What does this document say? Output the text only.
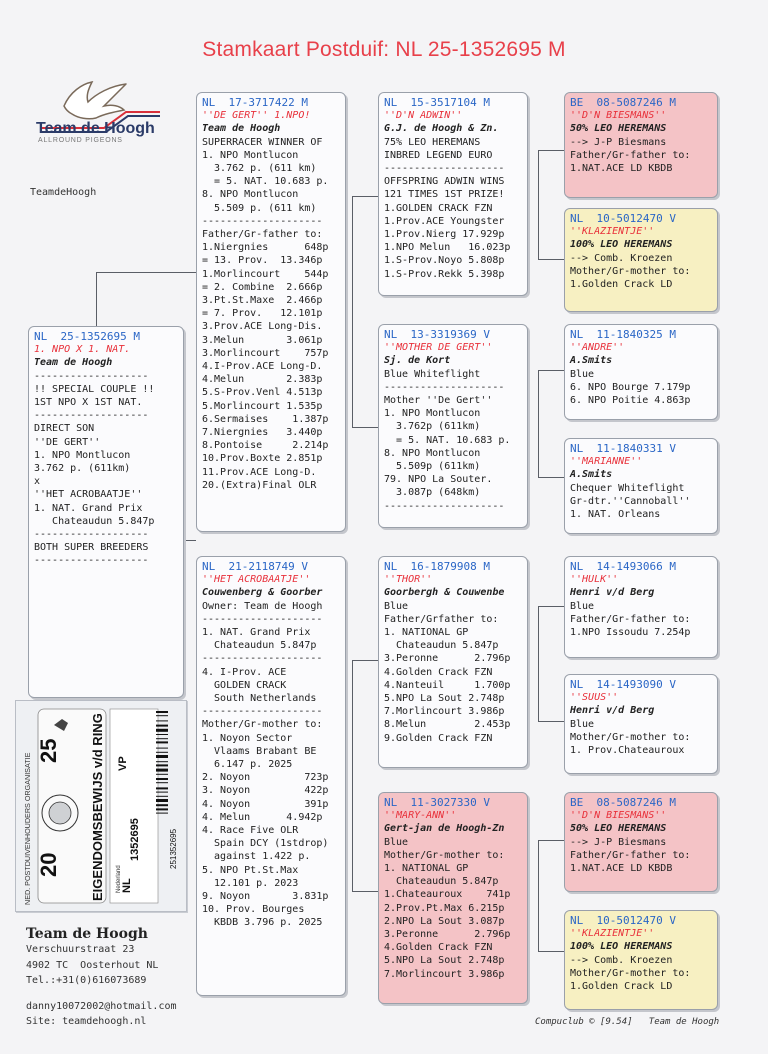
Stamkaart Postduif: NL 25-1352695 M
Team de Hoogh
ALLROUND PIGEONS
TeamdeHoogh
NL  25-1352695 M
1. NPO X 1. NAT.
Team de Hoogh
-------------------
!! SPECIAL COUPLE !!
1ST NPO X 1ST NAT.
-------------------
DIRECT SON
''DE GERT''
1. NPO Montlucon
3.762 p. (611km)
x
''HET ACROBAATJE''
1. NAT. Grand Prix
Chateaudun 5.847p
-------------------
BOTH SUPER BREEDERS
-------------------
NL  17-3717422 M
''DE GERT'' 1.NPO!
Team de Hoogh
SUPERRACER WINNER OF
1. NPO Montlucon
3.762 p. (611 km)
= 5. NAT. 10.683 p.
8. NPO Montlucon
5.509 p. (611 km)
--------------------
Father/Gr-father to:
1.Niergnies      648p
= 13. Prov.  13.346p
1.Morlincourt    544p
= 2. Combine  2.666p
3.Pt.St.Maxe  2.466p
= 7. Prov.   12.101p
3.Prov.ACE Long-Dis.
3.Melun       3.061p
3.Morlincourt    757p
4.I-Prov.ACE Long-D.
4.Melun       2.383p
5.S-Prov.Venl 4.513p
5.Morlincourt 1.535p
6.Sermaises    1.387p
7.Niergnies   3.440p
8.Pontoise     2.214p
10.Prov.Boxte 2.851p
11.Prov.ACE Long-D.
20.(Extra)Final OLR
NL  21-2118749 V
''HET ACROBAATJE''
Couwenberg & Goorber
Owner: Team de Hoogh
--------------------
1. NAT. Grand Prix
Chateaudun 5.847p
--------------------
4. I-Prov. ACE
GOLDEN CRACK
South Netherlands
--------------------
Mother/Gr-mother to:
1. Noyon Sector
Vlaams Brabant BE
6.147 p. 2025
2. Noyon         723p
3. Noyon         422p
4. Noyon         391p
4. Melun      4.942p
4. Race Five OLR
Spain DCY (1stdrop)
against 1.422 p.
5. NPO Pt.St.Max
12.101 p. 2023
9. Noyon       3.831p
10. Prov. Bourges
KBDB 3.796 p. 2025
NL  15-3517104 M
''D'N ADWIN''
G.J. de Hoogh & Zn.
75% LEO HEREMANS
INBRED LEGEND EURO
--------------------
OFFSPRING ADWIN WINS
121 TIMES 1ST PRIZE!
1.GOLDEN CRACK FZN
1.Prov.ACE Youngster
1.Prov.Nierg 17.929p
1.NPO Melun   16.023p
1.S-Prov.Noyo 5.808p
1.S-Prov.Rekk 5.398p
NL  13-3319369 V
''MOTHER DE GERT''
Sj. de Kort
Blue Whiteflight
--------------------
Mother ''De Gert''
1. NPO Montlucon
3.762p (611km)
= 5. NAT. 10.683 p.
8. NPO Montlucon
5.509p (611km)
79. NPO La Souter.
3.087p (648km)
--------------------
NL  16-1879908 M
''THOR''
Goorbergh & Couwenbe
Blue
Father/Grfather to:
1. NATIONAL GP
Chateaudun 5.847p
3.Peronne      2.796p
4.Golden Crack FZN
4.Nanteuil     1.700p
5.NPO La Sout 2.748p
7.Morlincourt 3.986p
8.Melun        2.453p
9.Golden Crack FZN
NL  11-3027330 V
''MARY-ANN''
Gert-jan de Hoogh-Zn
Blue
Mother/Gr-mother to:
1. NATIONAL GP
Chateaudun 5.847p
1.Chateauroux    741p
2.Prov.Pt.Max 6.215p
2.NPO La Sout 3.087p
3.Peronne      2.796p
4.Golden Crack FZN
5.NPO La Sout 2.748p
7.Morlincourt 3.986p
BE  08-5087246 M
''D'N BIESMANS''
50% LEO HEREMANS
--> J-P Biesmans
Father/Gr-father to:
1.NAT.ACE LD KBDB
NL  10-5012470 V
''KLAZIENTJE''
100% LEO HEREMANS
--> Comb. Kroezen
Mother/Gr-mother to:
1.Golden Crack LD
NL  11-1840325 M
''ANDRE''
A.Smits
Blue
6. NPO Bourge 7.179p
6. NPO Poitie 4.863p
NL  11-1840331 V
''MARIANNE''
A.Smits
Chequer Whiteflight
Gr-dtr.''Cannoball''
1. NAT. Orleans
NL  14-1493066 M
''HULK''
Henri v/d Berg
Blue
Father/Gr-father to:
1.NPO Issoudu 7.254p
NL  14-1493090 V
''SUUS''
Henri v/d Berg
Blue
Mother/Gr-mother to:
1. Prov.Chateauroux
BE  08-5087246 M
''D'N BIESMANS''
50% LEO HEREMANS
--> J-P Biesmans
Father/Gr-father to:
1.NAT.ACE LD KBDB
NL  10-5012470 V
''KLAZIENTJE''
100% LEO HEREMANS
--> Comb. Kroezen
Mother/Gr-mother to:
1.Golden Crack LD
NED. POSTDUIVENHOUDERS ORGANISATIE	EIGENDOMSBEWIJS v/d RING
20
25
Nederland NL
1352695
VP
251352695
Team de Hoogh
Verschuurstraat 23
4902 TC  Oosterhout NL
Tel.:+31(0)616073689
danny10072002@hotmail.com
Site: teamdehoogh.nl	Compuclub © [9.54]   Team de Hoogh
